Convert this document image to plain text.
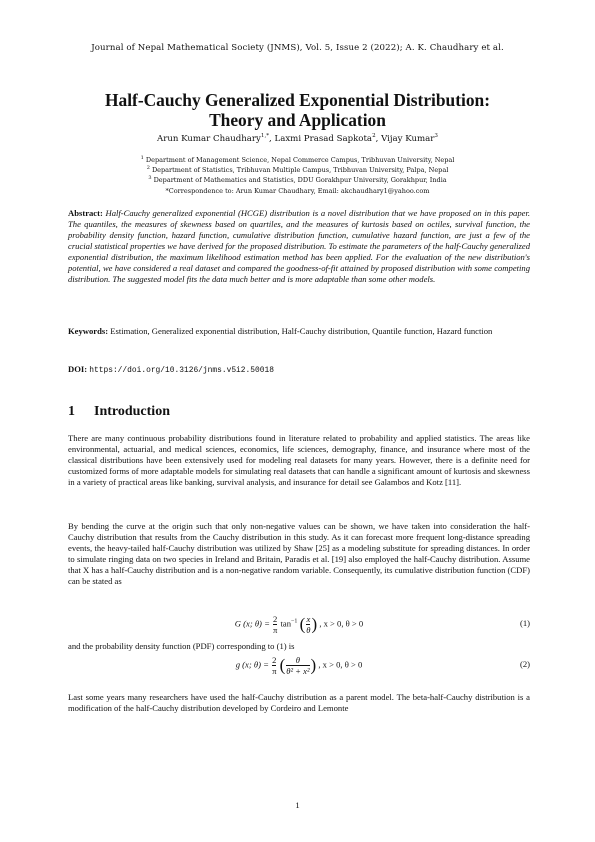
Journal of Nepal Mathematical Society (JNMS), Vol. 5, Issue 2 (2022); A. K. Chaudhary et al.
Half-Cauchy Generalized Exponential Distribution:
Theory and Application
Arun Kumar Chaudhary$^{1,*}$, Laxmi Prasad Sapkota$^2$, Vijay Kumar$^3$
$^1$ Department of Management Science, Nepal Commerce Campus, Tribhuvan University, Nepal
$^2$ Department of Statistics, Tribhuvan Multiple Campus, Tribhuvan University, Palpa, Nepal
$^3$ Department of Mathematics and Statistics, DDU Gorakhpur University, Gorakhpur, India
*Correspondence to: Arun Kumar Chaudhary, Email: akchaudhary1@yahoo.com
Abstract: Half-Cauchy generalized exponential (HCGE) distribution is a novel distribution that we have proposed on in this paper. The quantiles, the measures of skewness based on quartiles, and the measures of kurtosis based on octiles, survival function, the probability density function, hazard function, cumulative distribution function, cumulative hazard function, are just a few of the crucial statistical properties we have derived for the proposed distribution. To estimate the parameters of the half-Cauchy generalized exponential distribution, the maximum likelihood estimation method has been applied. For the evaluation of the new distribution's potential, we have considered a real dataset and compared the goodness-of-fit attained by proposed distribution with some competing distribution. The suggested model fits the data much better and is more adaptable than some other models.
Keywords: Estimation, Generalized exponential distribution, Half-Cauchy distribution, Quantile function, Hazard function
DOI: https://doi.org/10.3126/jnms.v5i2.50018
1 Introduction
There are many continuous probability distributions found in literature related to probability and applied statistics. The areas like environmental, actuarial, and medical sciences, economics, life sciences, demography, finance, and insurance where most of the classical distributions have been extensively used for modeling real datasets for many years. However, there is a definite need for customized forms of more adaptable models for simulating real datasets that can handle a significant amount of kurtosis and skewness in a variety of practical areas like banking, survival analysis, and insurance for detail see Galambos and Kotz [11].
By bending the curve at the origin such that only non-negative values can be shown, we have taken into consideration the half-Cauchy distribution that results from the Cauchy distribution in this study. As it can forecast more frequent long-distance spreading events, the heavy-tailed half-Cauchy distribution was utilized by Shaw [25] as a modeling substitute for spreading distances. In order to simulate ringing data on two species in Ireland and Britain, Paradis et al. [19] also employed the half-Cauchy distribution. Assume that X has a half-Cauchy distribution and is a non-negative random variable. Consequently, its cumulative distribution function (CDF) can be stated as
G (x; $\theta) = \frac{2}{\pi} \tan^{-1}$ ( $\frac{x}{\theta}$ ) , x > 0, θ > 0	(1)
and the probability density function (PDF) corresponding to (1) is
g (x; $\theta) = \frac{2}{\pi}$ ( $\frac{\theta}{\text{θ² + x²}}$ ) , x > 0, θ > 0	(2)
Last some years many researchers have used the half-Cauchy distribution as a parent model. The beta-half-Cauchy distribution is a modification of the half-Cauchy distribution developed by Cordeiro and Lemonte
1
